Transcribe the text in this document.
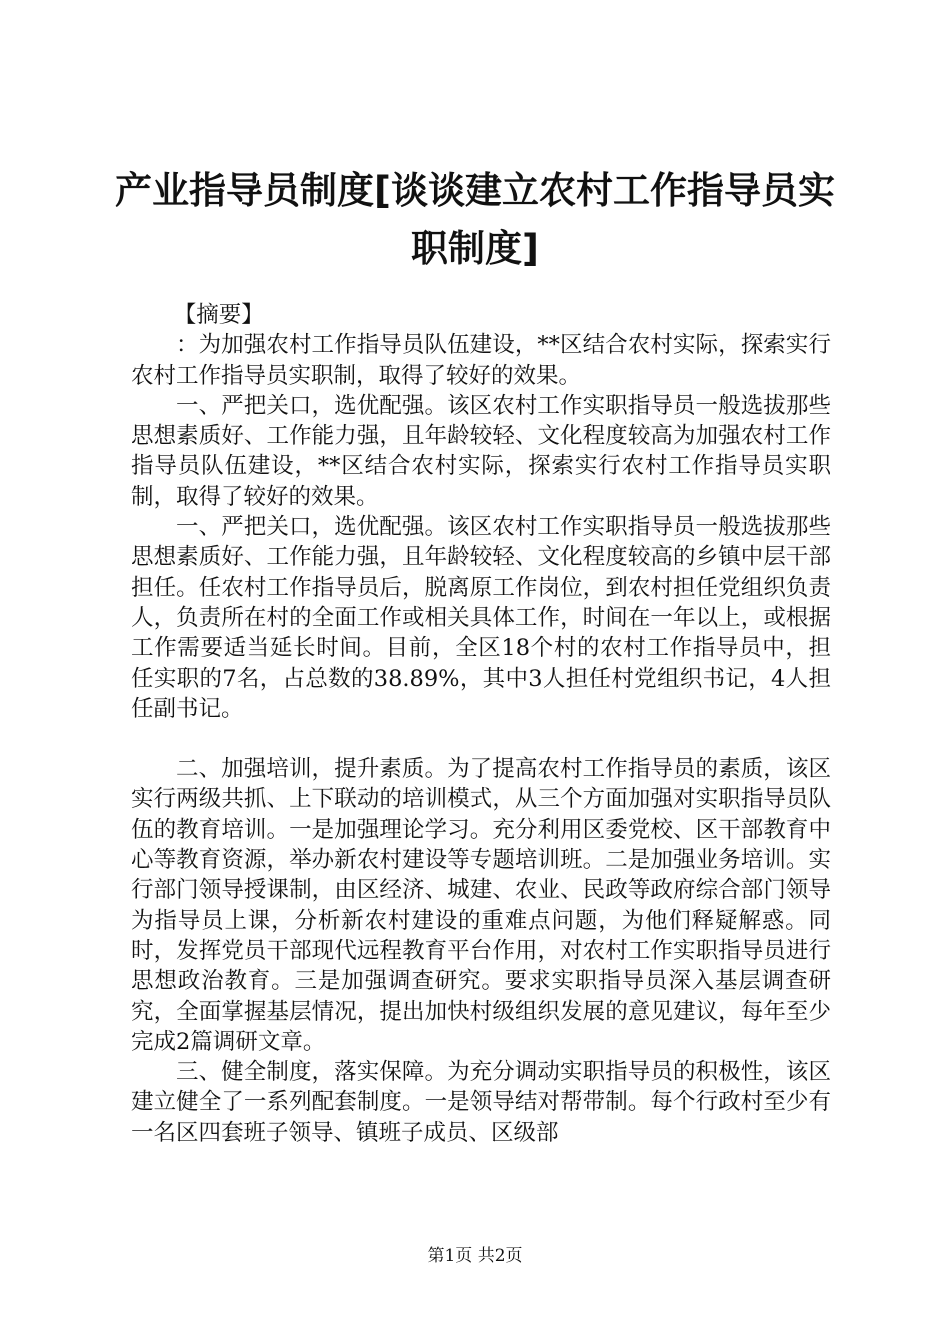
产业指导员制度[谈谈建立农村工作指导员实职制度]

【摘要】

：为加强农村工作指导员队伍建设，**区结合农村实际，探索实行农村工作指导员实职制，取得了较好的效果。

一、严把关口，选优配强。该区农村工作实职指导员一般选拔那些思想素质好、工作能力强，且年龄较轻、文化程度较高为加强农村工作指导员队伍建设，**区结合农村实际，探索实行农村工作指导员实职制，取得了较好的效果。

一、严把关口，选优配强。该区农村工作实职指导员一般选拔那些思想素质好、工作能力强，且年龄较轻、文化程度较高的乡镇中层干部担任。任农村工作指导员后，脱离原工作岗位，到农村担任党组织负责人，负责所在村的全面工作或相关具体工作，时间在一年以上，或根据工作需要适当延长时间。目前，全区18个村的农村工作指导员中，担任实职的7名，占总数的38.89%，其中3人担任村党组织书记，4人担任副书记。

二、加强培训，提升素质。为了提高农村工作指导员的素质，该区实行两级共抓、上下联动的培训模式，从三个方面加强对实职指导员队伍的教育培训。一是加强理论学习。充分利用区委党校、区干部教育中心等教育资源，举办新农村建设等专题培训班。二是加强业务培训。实行部门领导授课制，由区经济、城建、农业、民政等政府综合部门领导为指导员上课，分析新农村建设的重难点问题，为他们释疑解惑。同时，发挥党员干部现代远程教育平台作用，对农村工作实职指导员进行思想政治教育。三是加强调查研究。要求实职指导员深入基层调查研究，全面掌握基层情况，提出加快村级组织发展的意见建议，每年至少完成2篇调研文章。

三、健全制度，落实保障。为充分调动实职指导员的积极性，该区建立健全了一系列配套制度。一是领导结对帮带制。每个行政村至少有一名区四套班子领导、镇班子成员、区级部

第1页 共2页
